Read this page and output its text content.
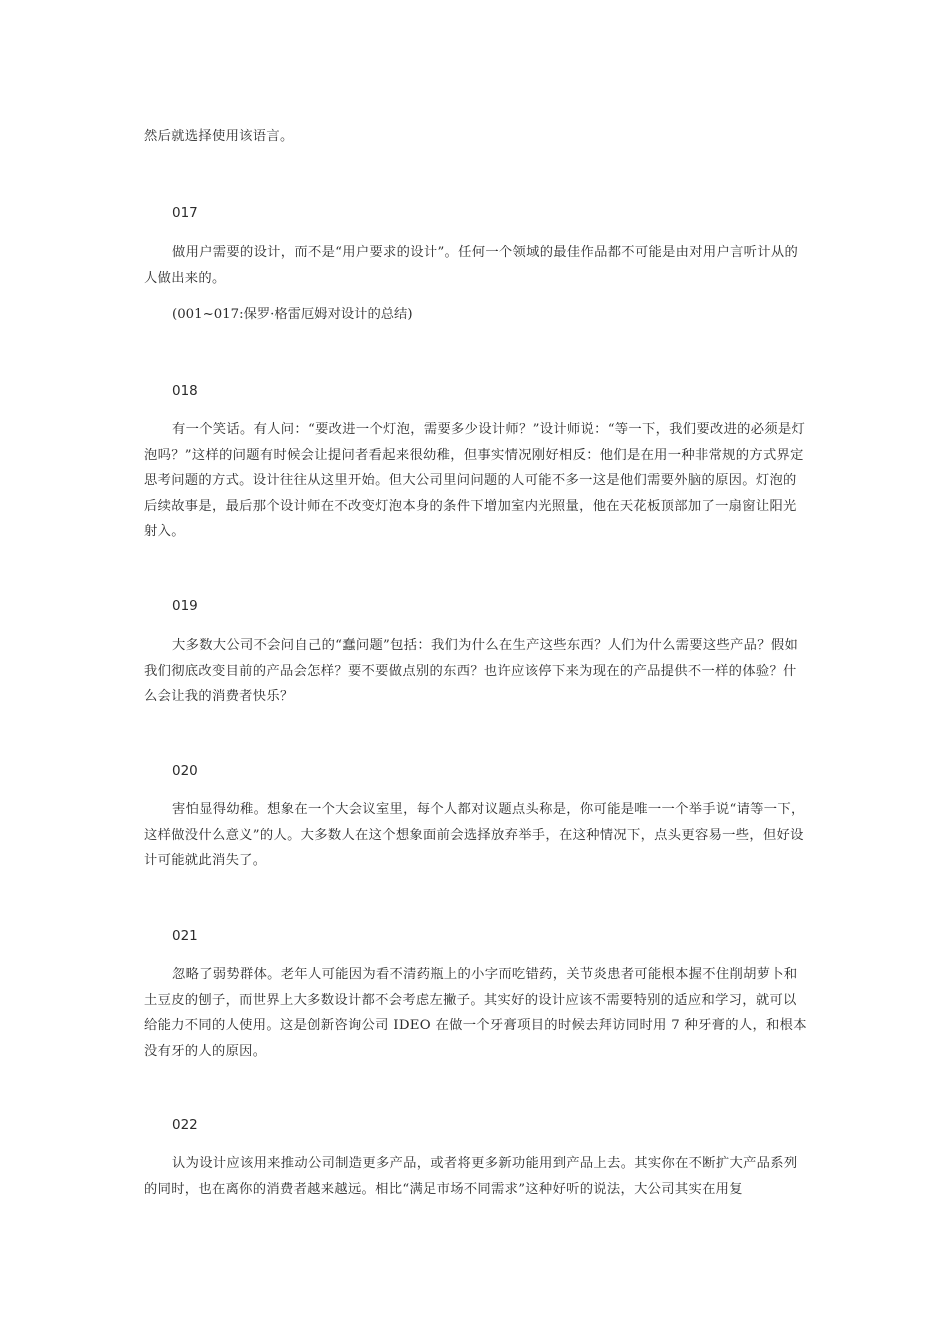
然后就选择使用该语言。

017

做用户需要的设计，而不是“用户要求的设计”。任何一个领域的最佳作品都不可能是由对用户言听计从的人做出来的。

(001~017:保罗·格雷厄姆对设计的总结)

018

有一个笑话。有人问：“要改进一个灯泡，需要多少设计师？”设计师说：“等一下，我们要改进的必须是灯泡吗？”这样的问题有时候会让提问者看起来很幼稚，但事实情况刚好相反：他们是在用一种非常规的方式界定思考问题的方式。设计往往从这里开始。但大公司里问问题的人可能不多一这是他们需要外脑的原因。灯泡的后续故事是，最后那个设计师在不改变灯泡本身的条件下增加室内光照量，他在天花板顶部加了一扇窗让阳光射入。

019

大多数大公司不会问自己的“蠢问题”包括：我们为什么在生产这些东西？人们为什么需要这些产品？假如我们彻底改变目前的产品会怎样？要不要做点别的东西？也许应该停下来为现在的产品提供不一样的体验？什么会让我的消费者快乐？

020

害怕显得幼稚。想象在一个大会议室里，每个人都对议题点头称是，你可能是唯一一个举手说“请等一下，这样做没什么意义”的人。大多数人在这个想象面前会选择放弃举手，在这种情况下，点头更容易一些，但好设计可能就此消失了。

021

忽略了弱势群体。老年人可能因为看不清药瓶上的小字而吃错药，关节炎患者可能根本握不住削胡萝卜和土豆皮的刨子，而世界上大多数设计都不会考虑左撇子。其实好的设计应该不需要特别的适应和学习，就可以给能力不同的人使用。这是创新咨询公司 IDEO 在做一个牙膏项目的时候去拜访同时用 7 种牙膏的人，和根本没有牙的人的原因。

022

认为设计应该用来推动公司制造更多产品，或者将更多新功能用到产品上去。其实你在不断扩大产品系列的同时，也在离你的消费者越来越远。相比“满足市场不同需求”这种好听的说法，大公司其实在用复
